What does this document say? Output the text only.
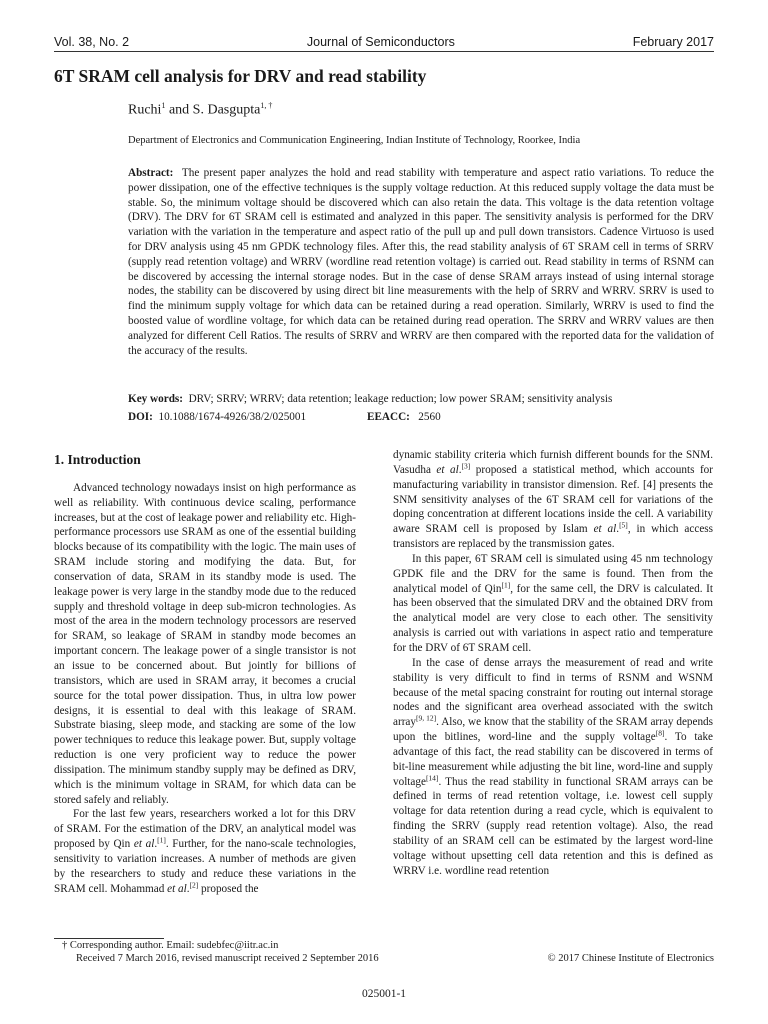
Vol. 38, No. 2	Journal of Semiconductors	February 2017
6T SRAM cell analysis for DRV and read stability
Ruchi$^1$ and S. Dasgupta$^{1, \dagger}$
Department of Electronics and Communication Engineering, Indian Institute of Technology, Roorkee, India

Abstract: The present paper analyzes the hold and read stability with temperature and aspect ratio variations. To reduce the power dissipation, one of the effective techniques is the supply voltage reduction. At this reduced supply voltage the data must be stable. So, the minimum voltage should be discovered which can also retain the data. This voltage is the data retention voltage (DRV). The DRV for 6T SRAM cell is estimated and analyzed in this paper. The sensitivity analysis is performed for the DRV variation with the variation in the temperature and aspect ratio of the pull up and pull down transistors. Cadence Virtuoso is used for DRV analysis using 45 nm GPDK technology files. After this, the read stability analysis of 6T SRAM cell in terms of SRRV (supply read retention voltage) and WRRV (wordline read retention voltage) is carried out. Read stability in terms of RSNM can be discovered by accessing the internal storage nodes. But in the case of dense SRAM arrays instead of using internal storage nodes, the stability can be discovered by using direct bit line measurements with the help of SRRV and WRRV. SRRV is used to find the minimum supply voltage for which data can be retained during a read operation. Similarly, WRRV is used to find the boosted value of wordline voltage, for which data can be retained during read operation. The SRRV and WRRV values are then analyzed for different Cell Ratios. The results of SRRV and WRRV are then compared with the reported data for the validation of the accuracy of the results.

Key words: DRV; SRRV; WRRV; data retention; leakage reduction; low power SRAM; sensitivity analysis
DOI: 10.1088/1674-4926/38/2/025001	EEACC: 2560
1. Introduction

Advanced technology nowadays insist on high performance as well as reliability. With continuous device scaling, performance increases, but at the cost of leakage power and reliability etc. High-performance processors use SRAM as one of the essential building blocks because of its compatibility with the logic. The main uses of SRAM include storing and modifying the data. But, for conservation of data, SRAM in its standby mode is used. The leakage power is very large in the standby mode due to the reduced supply and threshold voltage in deep sub-micron technologies. As most of the area in the modern technology processors are reserved for SRAM, so leakage of SRAM in standby mode becomes an important concern. The leakage power of a single transistor is not an issue to be concerned about. But jointly for billions of transistors, which are used in SRAM array, it becomes a crucial source for the total power dissipation. Thus, in ultra low power designs, it is essential to deal with this leakage of SRAM. Substrate biasing, sleep mode, and stacking are some of the low power techniques to reduce this leakage power. But, supply voltage reduction is one very proficient way to reduce the power dissipation. The minimum standby supply may be defined as DRV, which is the minimum voltage in SRAM, for which data can be stored safely and reliably.

For the last few years, researchers worked a lot for this DRV of SRAM. For the estimation of the DRV, an analytical model was proposed by Qin et al.[1]. Further, for the nano-scale technologies, sensitivity to variation increases. A number of methods are given by the researchers to study and reduce these variations in the SRAM cell. Mohammad et al.[2] proposed the

dynamic stability criteria which furnish different bounds for the SNM. Vasudha et al.[3] proposed a statistical method, which accounts for manufacturing variability in transistor dimension. Ref. [4] presents the SNM sensitivity analyses of the 6T SRAM cell for variations of the doping concentration at different locations inside the cell. A variability aware SRAM cell is proposed by Islam et al.[5], in which access transistors are replaced by the transmission gates.

In this paper, 6T SRAM cell is simulated using 45 nm technology GPDK file and the DRV for the same is found. Then from the analytical model of Qin[1], for the same cell, the DRV is calculated. It has been observed that the simulated DRV and the obtained DRV from the analytical model are very close to each other. The sensitivity analysis is carried out with variations in aspect ratio and temperature for the DRV of 6T SRAM cell.

In the case of dense arrays the measurement of read and write stability is very difficult to find in terms of RSNM and WSNM because of the metal spacing constraint for routing out internal storage nodes and the significant area overhead associated with the switch array[9, 12]. Also, we know that the stability of the SRAM array depends upon the bitlines, word-line and the supply voltage[8]. To take advantage of this fact, the read stability can be discovered in terms of bit-line measurement while adjusting the bit line, word-line and supply voltage[14]. Thus the read stability in functional SRAM arrays can be defined in terms of read retention voltage, i.e. lowest cell supply voltage for data retention during a read cycle, which is equivalent to finding the SRRV (supply read retention voltage). Also, the read stability of an SRAM cell can be estimated by the largest word-line voltage without upsetting cell data retention and this is defined as WRRV i.e. wordline read retention

† Corresponding author. Email: sudebfec@iitr.ac.in
Received 7 March 2016, revised manuscript received 2 September 2016	© 2017 Chinese Institute of Electronics
025001-1
